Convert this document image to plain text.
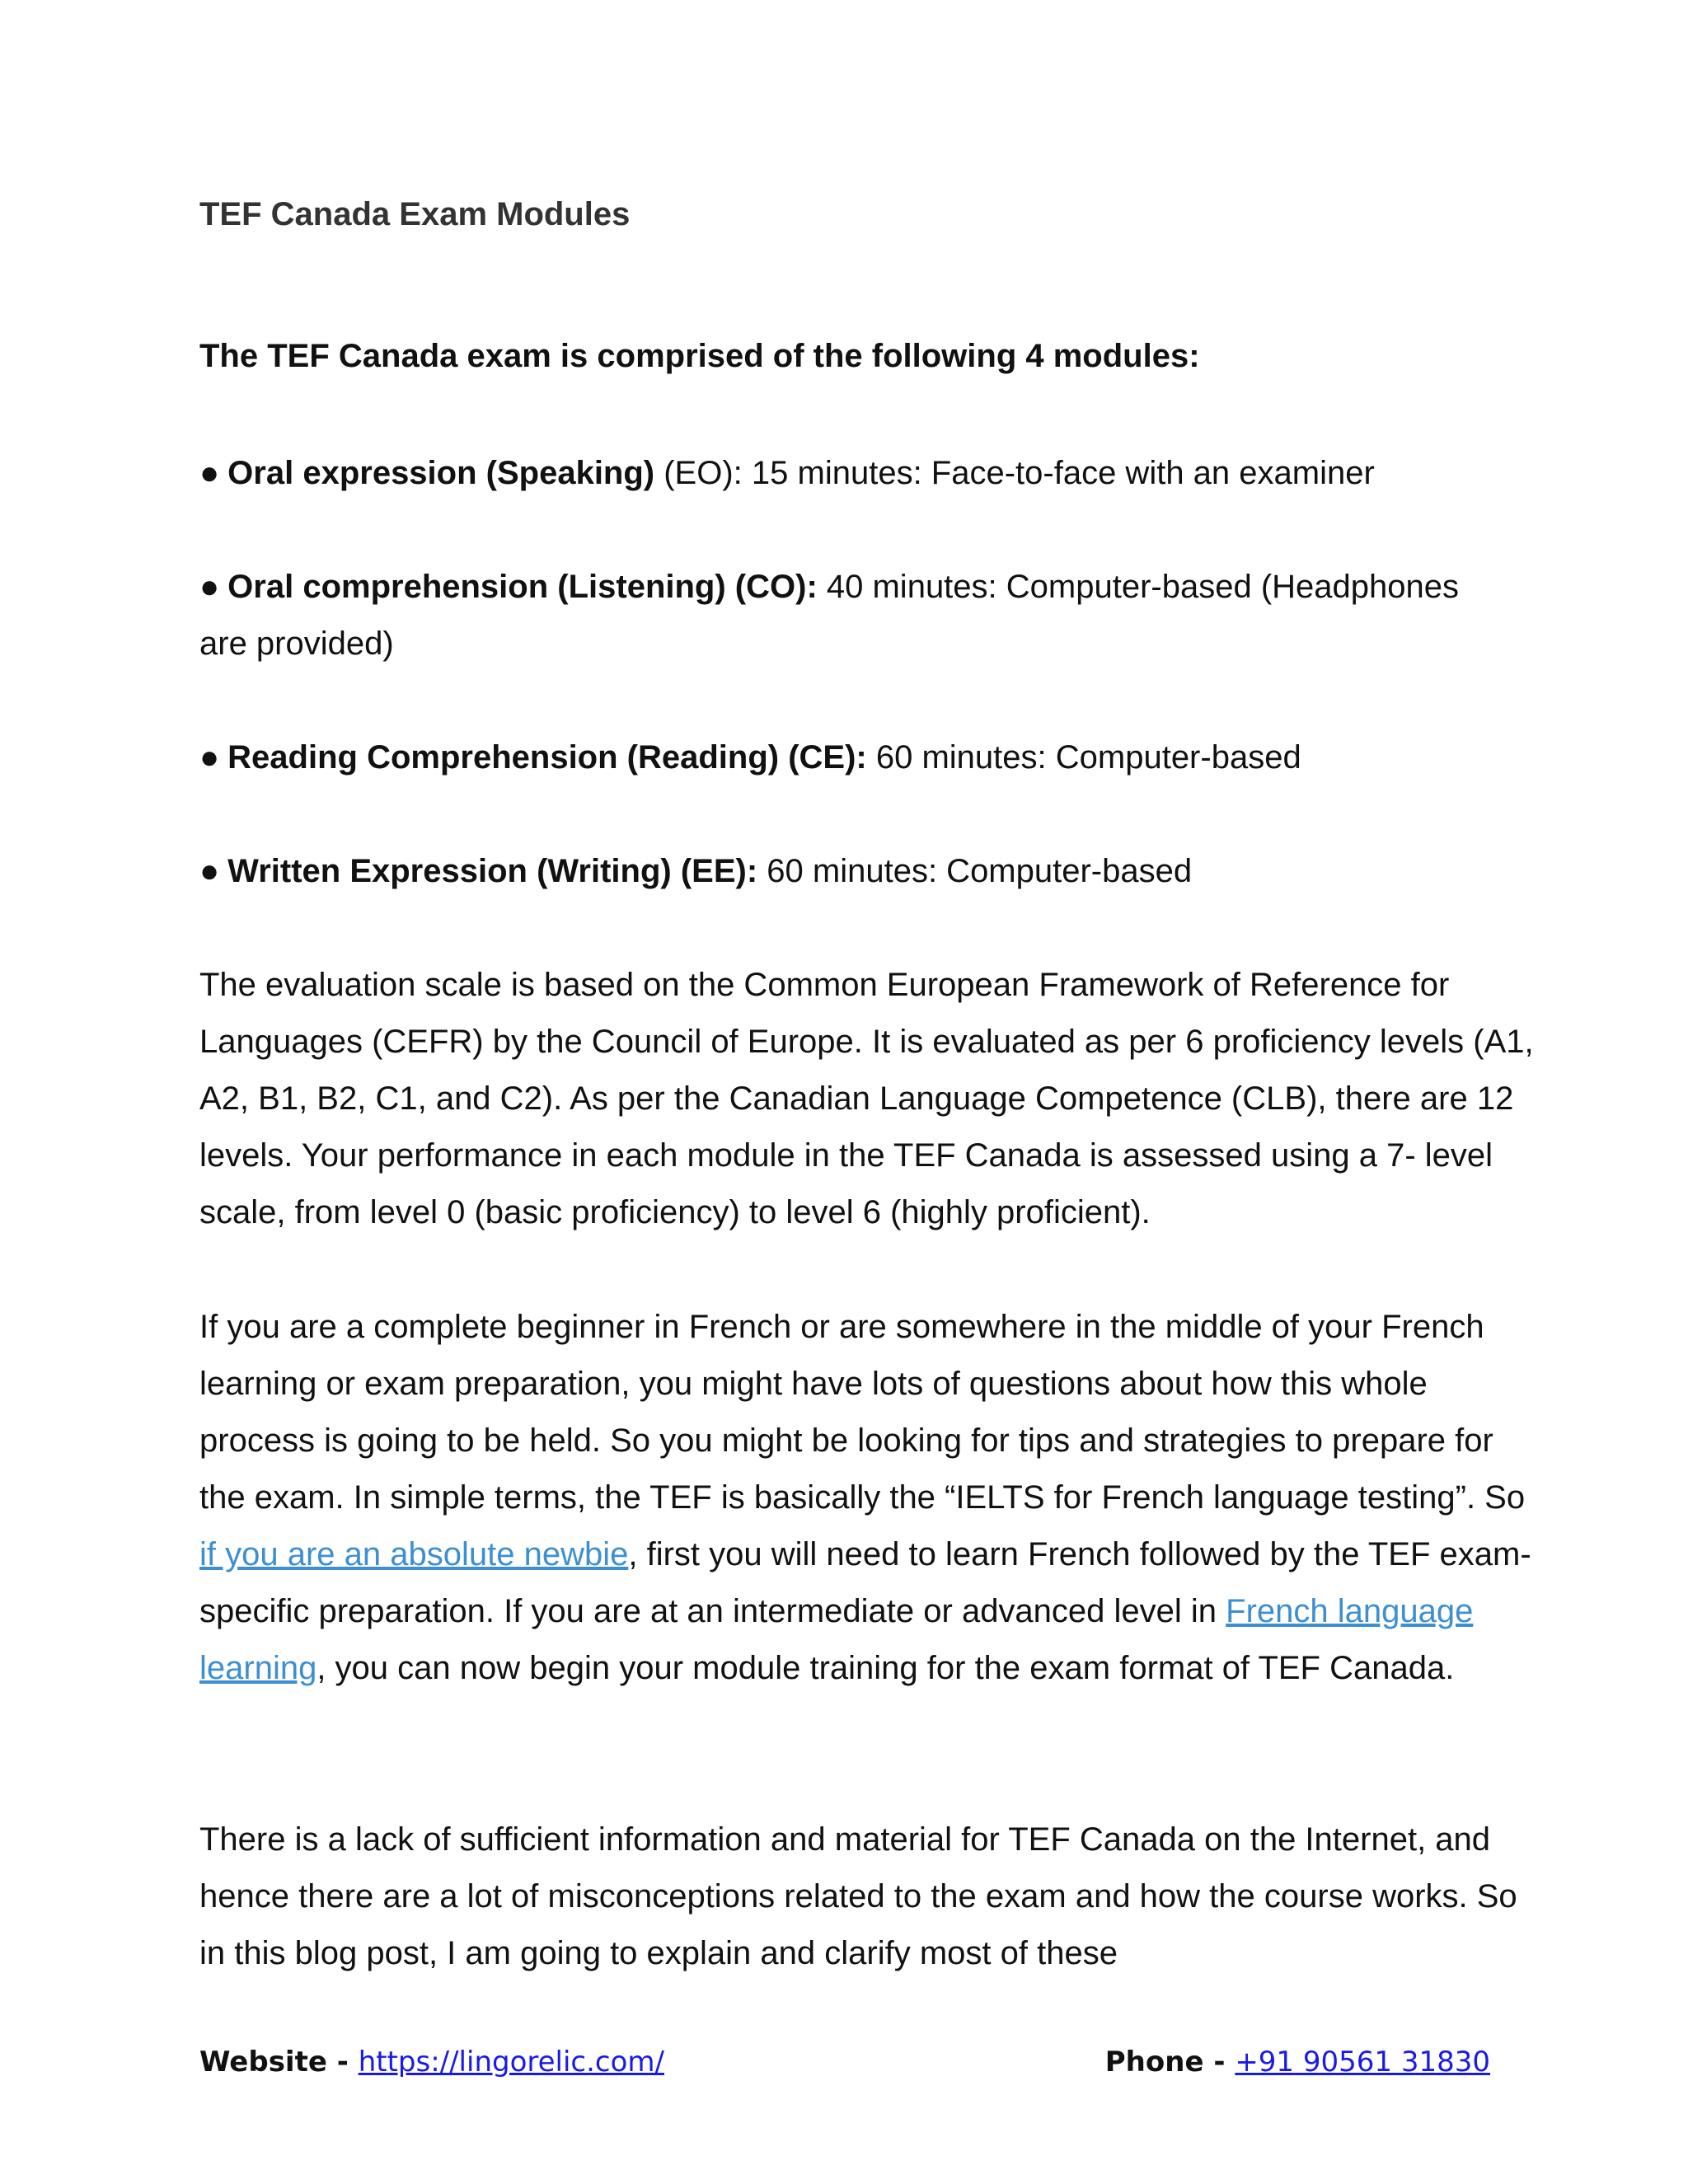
TEF Canada Exam Modules
The TEF Canada exam is comprised of the following 4 modules:
● Oral expression (Speaking) (EO): 15 minutes: Face-to-face with an examiner
● Oral comprehension (Listening) (CO): 40 minutes: Computer-based (Headphones
are provided)
● Reading Comprehension (Reading) (CE): 60 minutes: Computer-based
● Written Expression (Writing) (EE): 60 minutes: Computer-based
The evaluation scale is based on the Common European Framework of Reference for Languages (CEFR) by the Council of Europe. It is evaluated as per 6 proficiency levels (A1, A2, B1, B2, C1, and C2). As per the Canadian Language Competence (CLB), there are 12 levels. Your performance in each module in the TEF Canada is assessed using a 7- level scale, from level 0 (basic proficiency) to level 6 (highly proficient).
If you are a complete beginner in French or are somewhere in the middle of your French learning or exam preparation, you might have lots of questions about how this whole process is going to be held. So you might be looking for tips and strategies to prepare for the exam. In simple terms, the TEF is basically the “IELTS for French language testing”. So if you are an absolute newbie, first you will need to learn French followed by the TEF exam-specific preparation. If you are at an intermediate or advanced level in French language learning, you can now begin your module training for the exam format of TEF Canada.
There is a lack of sufficient information and material for TEF Canada on the Internet, and hence there are a lot of misconceptions related to the exam and how the course works. So in this blog post, I am going to explain and clarify most of these
Website - https://lingorelic.com/	Phone - +91 90561 31830
